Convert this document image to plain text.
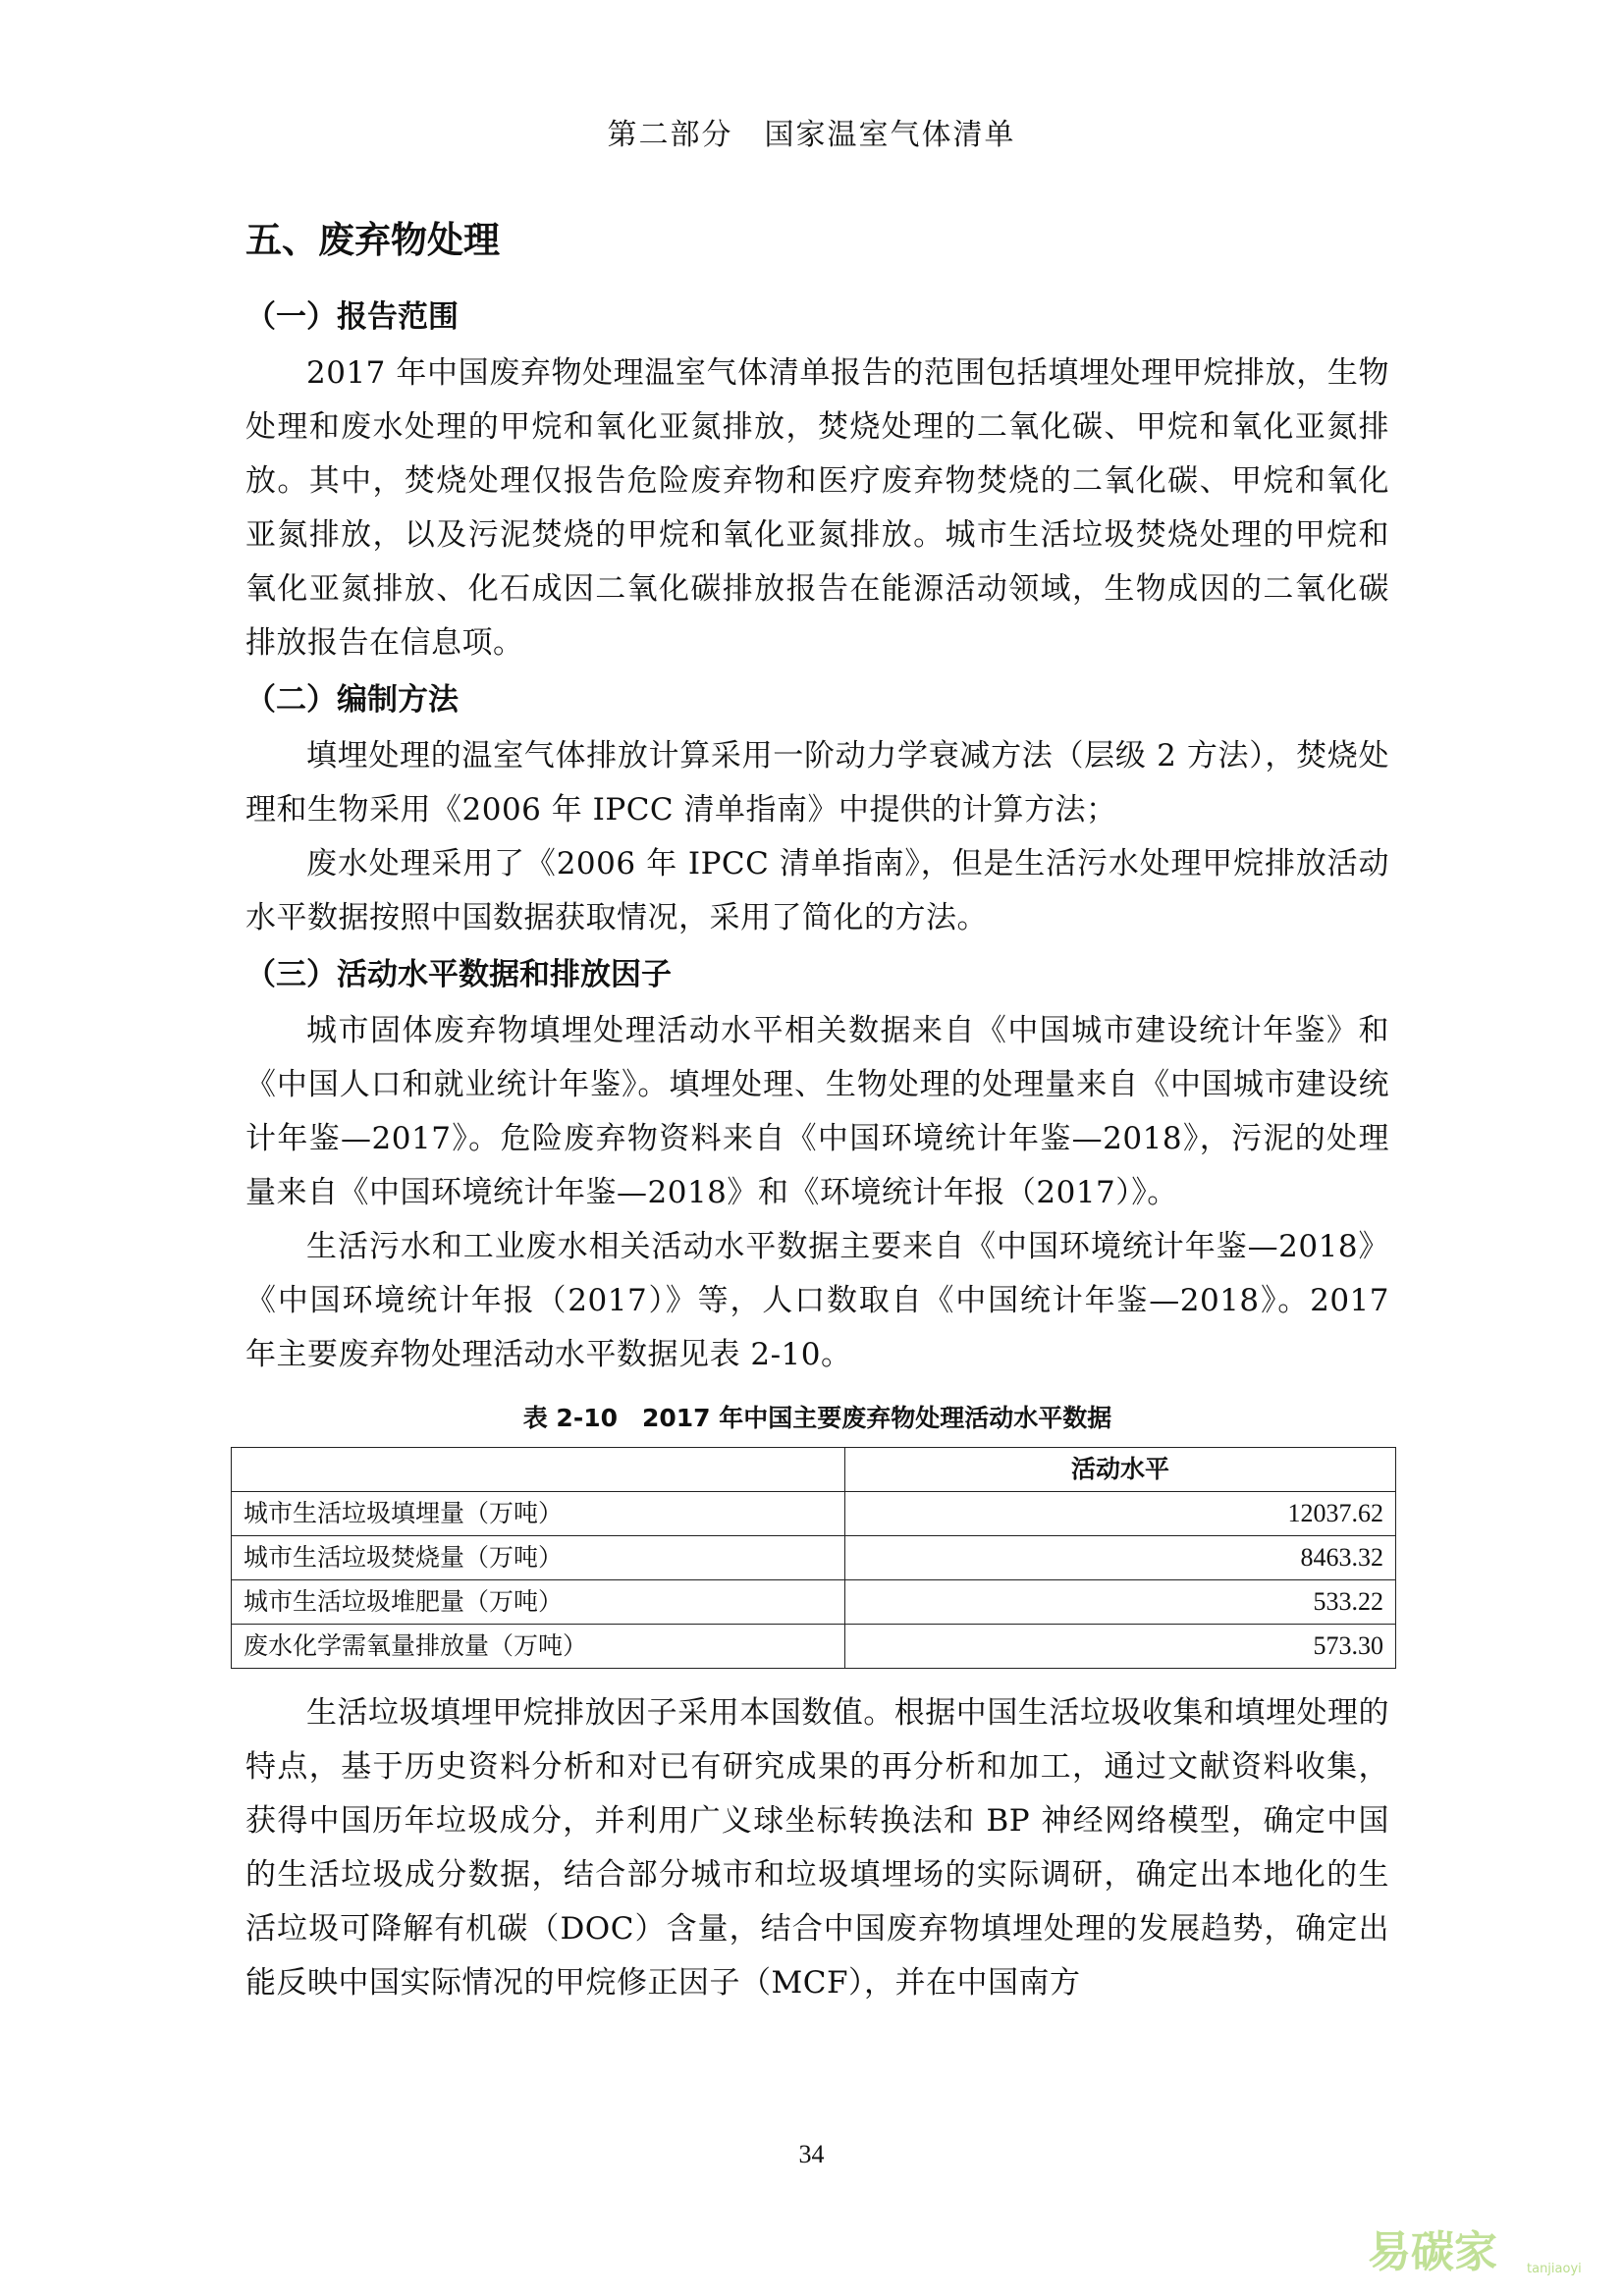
第二部分　国家温室气体清单
五、废弃物处理
（一）报告范围

2017 年中国废弃物处理温室气体清单报告的范围包括填埋处理甲烷排放，生物处理和废水处理的甲烷和氧化亚氮排放，焚烧处理的二氧化碳、甲烷和氧化亚氮排放。其中，焚烧处理仅报告危险废弃物和医疗废弃物焚烧的二氧化碳、甲烷和氧化亚氮排放，以及污泥焚烧的甲烷和氧化亚氮排放。城市生活垃圾焚烧处理的甲烷和氧化亚氮排放、化石成因二氧化碳排放报告在能源活动领域，生物成因的二氧化碳排放报告在信息项。

（二）编制方法

填埋处理的温室气体排放计算采用一阶动力学衰减方法（层级 2 方法），焚烧处理和生物采用《2006 年 IPCC 清单指南》中提供的计算方法；

废水处理采用了《2006 年 IPCC 清单指南》，但是生活污水处理甲烷排放活动水平数据按照中国数据获取情况，采用了简化的方法。

（三）活动水平数据和排放因子

城市固体废弃物填埋处理活动水平相关数据来自《中国城市建设统计年鉴》和《中国人口和就业统计年鉴》。填埋处理、生物处理的处理量来自《中国城市建设统计年鉴—2017》。危险废弃物资料来自《中国环境统计年鉴—2018》，污泥的处理量来自《中国环境统计年鉴—2018》和《环境统计年报（2017）》。

生活污水和工业废水相关活动水平数据主要来自《中国环境统计年鉴—2018》《中国环境统计年报（2017）》等，人口数取自《中国统计年鉴—2018》。2017 年主要废弃物处理活动水平数据见表 2-10。

表 2-10　2017 年中国主要废弃物处理活动水平数据
	活动水平
城市生活垃圾填埋量（万吨）	12037.62
城市生活垃圾焚烧量（万吨）	8463.32
城市生活垃圾堆肥量（万吨）	533.22
废水化学需氧量排放量（万吨）	573.30

生活垃圾填埋甲烷排放因子采用本国数值。根据中国生活垃圾收集和填埋处理的特点，基于历史资料分析和对已有研究成果的再分析和加工，通过文献资料收集，获得中国历年垃圾成分，并利用广义球坐标转换法和 BP 神经网络模型，确定中国的生活垃圾成分数据，结合部分城市和垃圾填埋场的实际调研，确定出本地化的生活垃圾可降解有机碳（DOC）含量，结合中国废弃物填埋处理的发展趋势，确定出能反映中国实际情况的甲烷修正因子（MCF），并在中国南方

34
易碳家 tanjiaoyi
